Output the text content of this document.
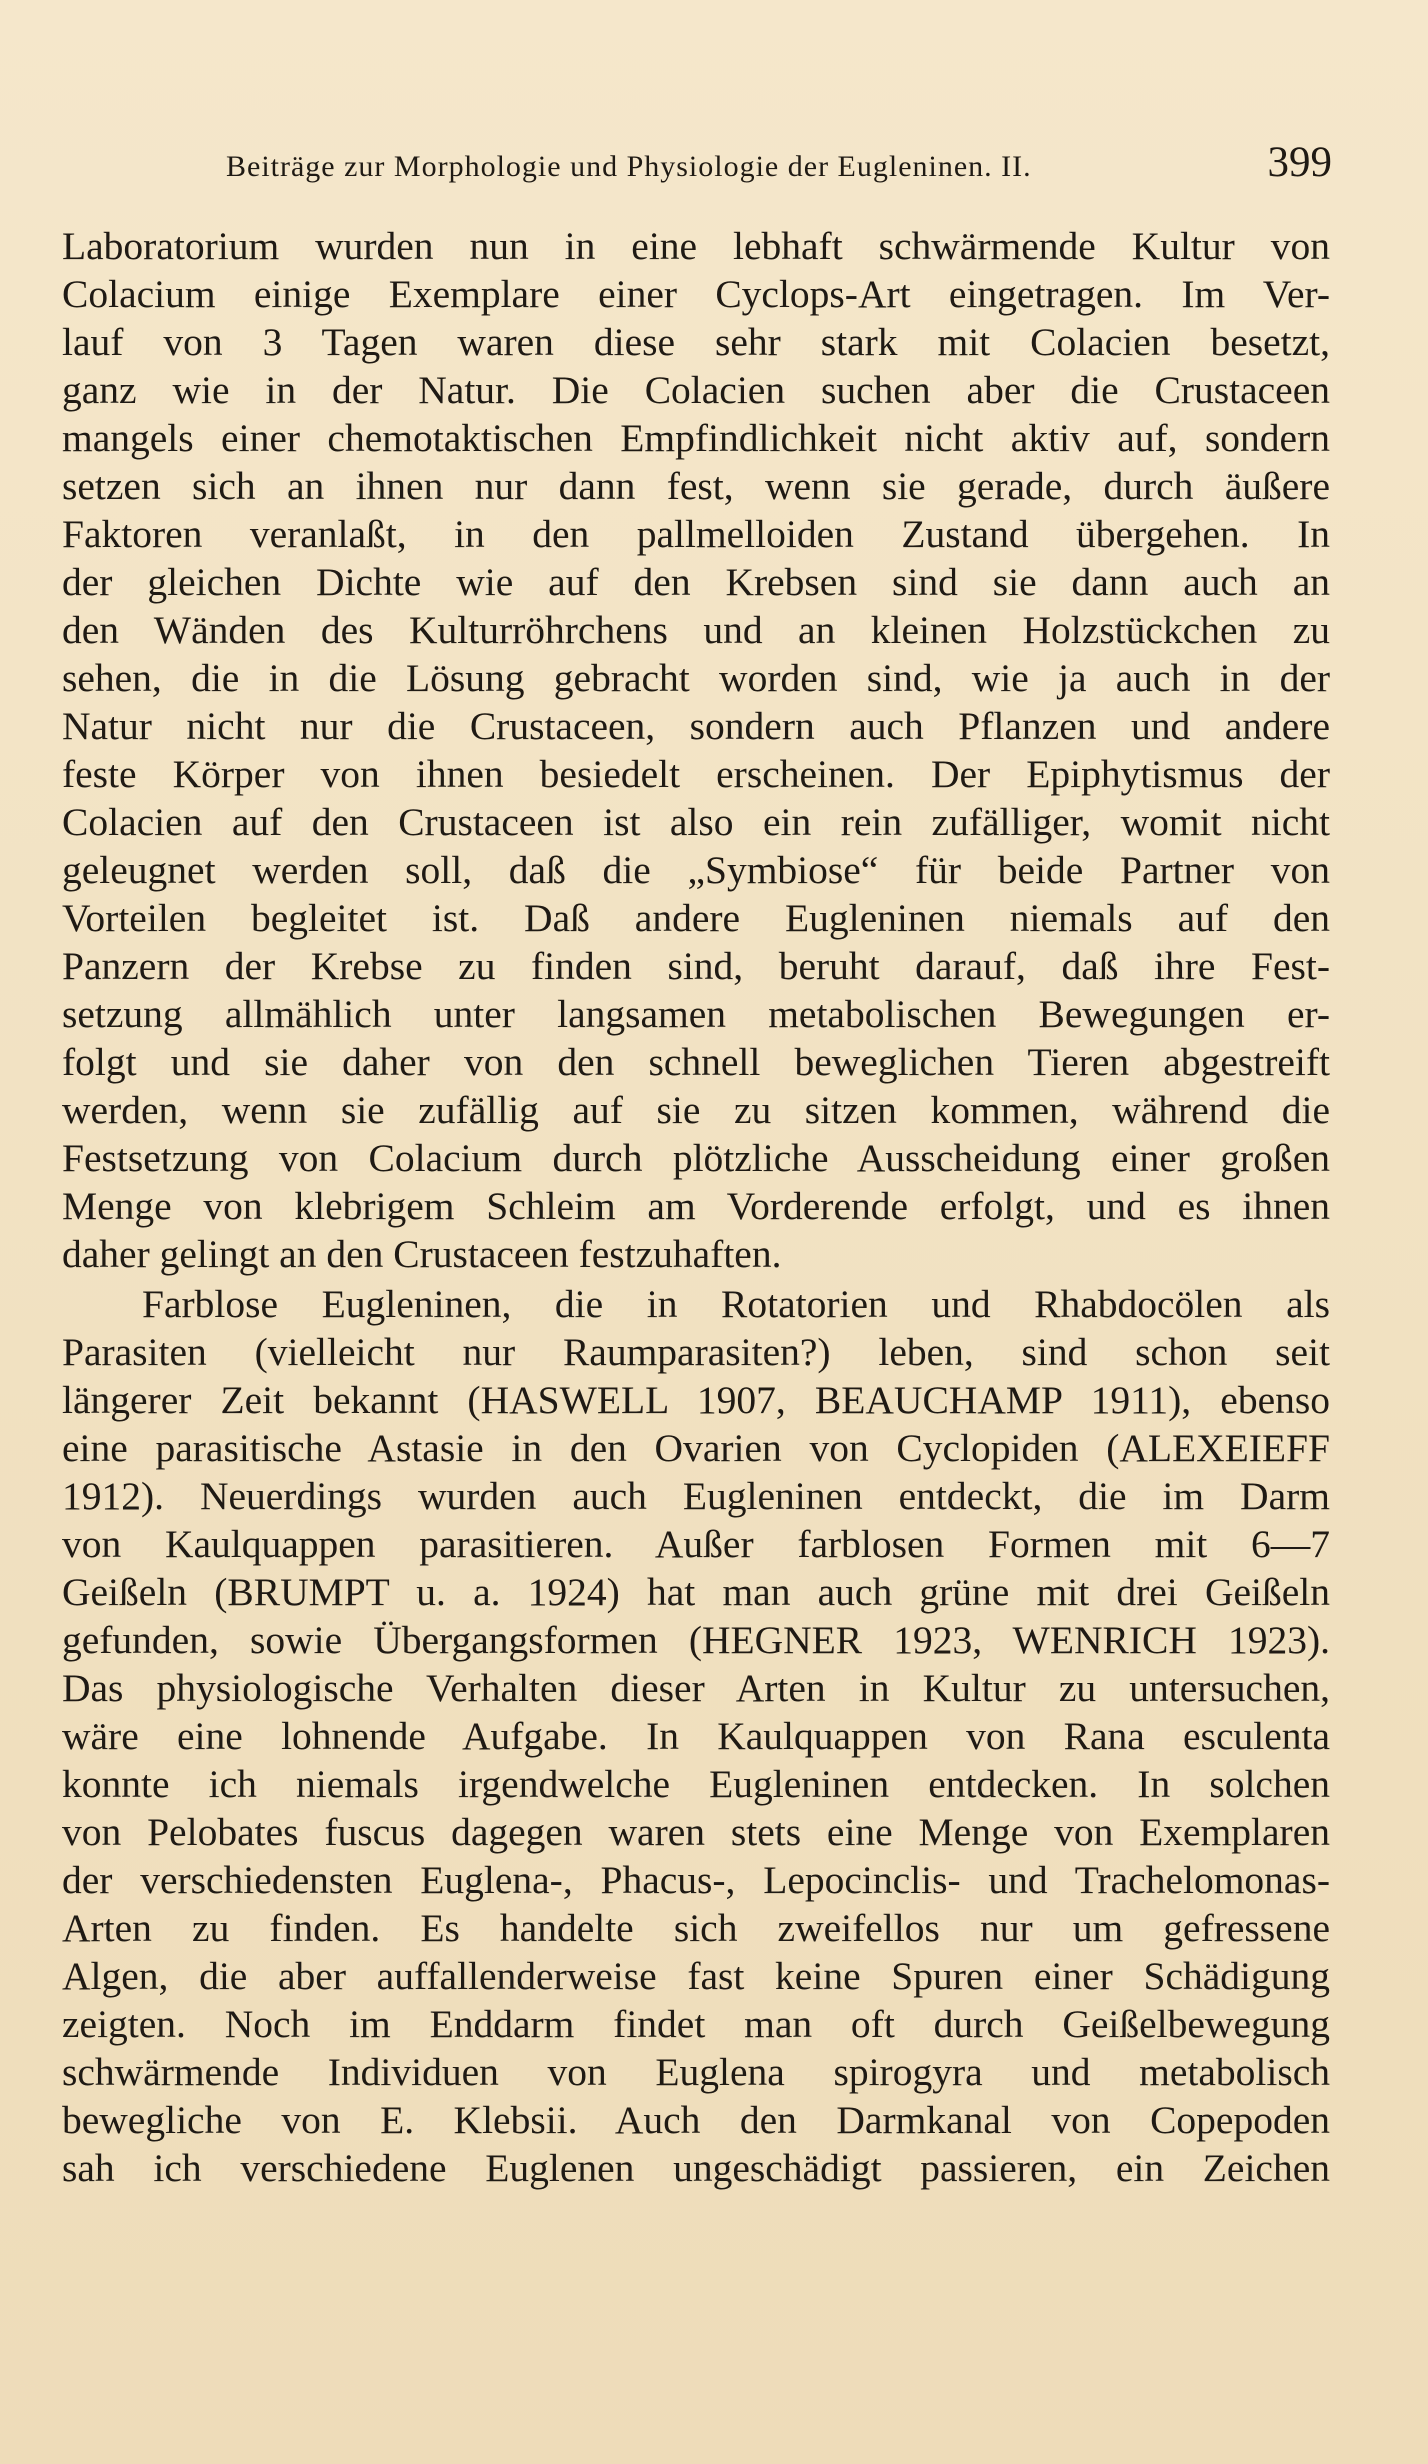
Beiträge zur Morphologie und Physiologie der Eugleninen. II.	399
Laboratorium wurden nun in eine lebhaft schwärmende Kultur von
Colacium einige Exemplare einer Cyclops-Art eingetragen. Im Ver-
lauf von 3 Tagen waren diese sehr stark mit Colacien besetzt,
ganz wie in der Natur. Die Colacien suchen aber die Crustaceen
mangels einer chemotaktischen Empfindlichkeit nicht aktiv auf, sondern
setzen sich an ihnen nur dann fest, wenn sie gerade, durch äußere
Faktoren veranlaßt, in den pallmelloiden Zustand übergehen. In
der gleichen Dichte wie auf den Krebsen sind sie dann auch an
den Wänden des Kulturröhrchens und an kleinen Holzstückchen zu
sehen, die in die Lösung gebracht worden sind, wie ja auch in der
Natur nicht nur die Crustaceen, sondern auch Pflanzen und andere
feste Körper von ihnen besiedelt erscheinen. Der Epiphytismus der
Colacien auf den Crustaceen ist also ein rein zufälliger, womit nicht
geleugnet werden soll, daß die „Symbiose“ für beide Partner von
Vorteilen begleitet ist. Daß andere Eugleninen niemals auf den
Panzern der Krebse zu finden sind, beruht darauf, daß ihre Fest-
setzung allmählich unter langsamen metabolischen Bewegungen er-
folgt und sie daher von den schnell beweglichen Tieren abgestreift
werden, wenn sie zufällig auf sie zu sitzen kommen, während die
Festsetzung von Colacium durch plötzliche Ausscheidung einer großen
Menge von klebrigem Schleim am Vorderende erfolgt, und es ihnen
daher gelingt an den Crustaceen festzuhaften.
Farblose Eugleninen, die in Rotatorien und Rhabdocölen als
Parasiten (vielleicht nur Raumparasiten?) leben, sind schon seit
längerer Zeit bekannt (HASWELL 1907, BEAUCHAMP 1911), ebenso
eine parasitische Astasie in den Ovarien von Cyclopiden (ALEXEIEFF
1912). Neuerdings wurden auch Eugleninen entdeckt, die im Darm
von Kaulquappen parasitieren. Außer farblosen Formen mit 6—7
Geißeln (BRUMPT u. a. 1924) hat man auch grüne mit drei Geißeln
gefunden, sowie Übergangsformen (HEGNER 1923, WENRICH 1923).
Das physiologische Verhalten dieser Arten in Kultur zu untersuchen,
wäre eine lohnende Aufgabe. In Kaulquappen von Rana esculenta
konnte ich niemals irgendwelche Eugleninen entdecken. In solchen
von Pelobates fuscus dagegen waren stets eine Menge von Exemplaren
der verschiedensten Euglena-, Phacus-, Lepocinclis- und Trachelomonas-
Arten zu finden. Es handelte sich zweifellos nur um gefressene
Algen, die aber auffallenderweise fast keine Spuren einer Schädigung
zeigten. Noch im Enddarm findet man oft durch Geißelbewegung
schwärmende Individuen von Euglena spirogyra und metabolisch
bewegliche von E. Klebsii. Auch den Darmkanal von Copepoden
sah ich verschiedene Euglenen ungeschädigt passieren, ein Zeichen
